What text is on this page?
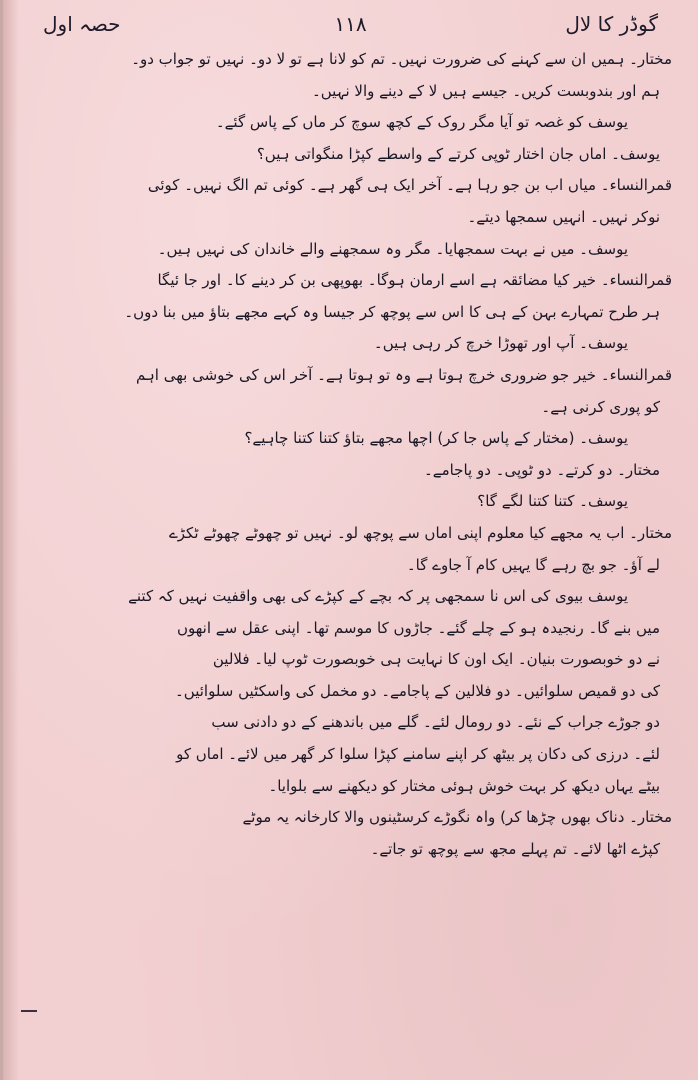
گوڈر کا لال
۱۱۸
حصہ اول
مختار۔ ہمیں ان سے کہنے کی ضرورت نہیں۔ تم کو لانا ہے تو لا دو۔ نہیں تو جواب دو۔
ہم اور بندوبست کریں۔ جیسے ہیں لا کے دینے والا نہیں۔
یوسف کو غصہ تو آیا مگر روک کے کچھ سوچ کر ماں کے پاس گئے۔
یوسف۔ اماں جان اختار ٹوپی کرتے کے واسطے کپڑا منگواتی ہیں؟
قمرالنساء۔ میاں اب بن جو رہا ہے۔ آخر ایک ہی گھر ہے۔ کوئی تم الگ نہیں۔ کوئی
نوکر نہیں۔ انہیں سمجھا دیتے۔
یوسف۔ میں نے بہت سمجھایا۔ مگر وہ سمجھنے والے خاندان کی نہیں ہیں۔
قمرالنساء۔ خیر کیا مضائقہ ہے اسے ارمان ہوگا۔ بھوپھی بن کر دینے کا۔ اور جا ئیگا
ہر طرح تمہارے بہن کے ہی کا اس سے پوچھ کر جیسا وہ کہے مجھے بتاؤ میں بنا دوں۔
یوسف۔ آپ اور تھوڑا خرچ کر رہی ہیں۔
قمرالنساء۔ خیر جو ضروری خرچ ہوتا ہے وہ تو ہوتا ہے۔ آخر اس کی خوشی بھی اہم
کو پوری کرنی ہے۔
یوسف۔ (مختار کے پاس جا کر) اچھا مجھے بتاؤ کتنا کتنا چاہیے؟
مختار۔ دو کرتے۔ دو ٹوپی۔ دو پاجامے۔
یوسف۔ کتنا کتنا لگے گا؟
مختار۔ اب یہ مجھے کیا معلوم اپنی اماں سے پوچھ لو۔ نہیں تو چھوٹے چھوٹے ٹکڑے
لے آؤ۔ جو بچ رہے گا یہیں کام آ جاوے گا۔
یوسف بیوی کی اس نا سمجھی پر کہ بچے کے کپڑے کی بھی واقفیت نہیں کہ کتنے
میں بنے گا۔ رنجیدہ ہو کے چلے گئے۔ جاڑوں کا موسم تھا۔ اپنی عقل سے انھوں
نے دو خوبصورت بنیان۔ ایک اون کا نہایت ہی خوبصورت ٹوپ لیا۔ فلالین
کی دو قمیص سلوائیں۔ دو فلالین کے پاجامے۔ دو مخمل کی واسکٹیں سلوائیں۔
دو جوڑے جراب کے نئے۔ دو رومال لئے۔ گلے میں باندھنے کے دو دادنی سب
لئے۔ درزی کی دکان پر بیٹھ کر اپنے سامنے کپڑا سلوا کر گھر میں لائے۔ اماں کو
بیٹے یہاں دیکھ کر بہت خوش ہوئی مختار کو دیکھنے سے بلوایا۔
مختار۔ دناک بھوں چڑھا کر) واہ نگوڑے کرسٹینوں والا کارخانہ یہ موٹے
کپڑے اٹھا لائے۔ تم پہلے مجھ سے پوچھ تو جاتے۔
